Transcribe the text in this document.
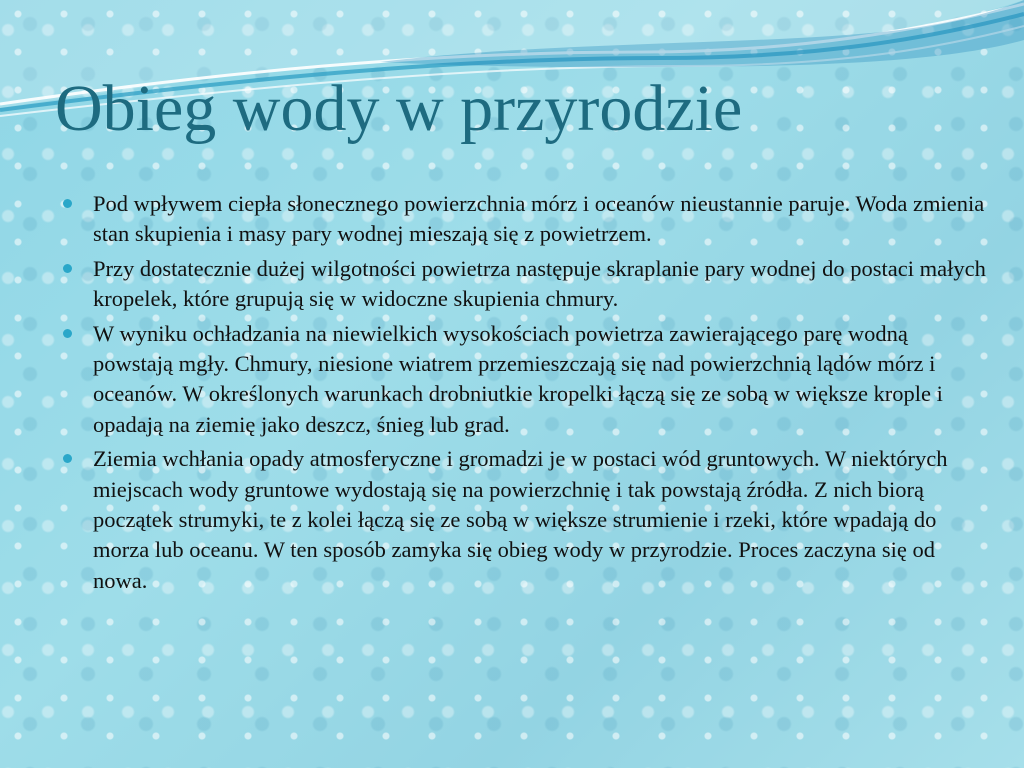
Obieg wody w przyrodzie
Pod wpływem ciepła słonecznego powierzchnia mórz i oceanów nieustannie paruje. Woda zmienia stan skupienia i masy pary wodnej mieszają się z powietrzem.
Przy dostatecznie dużej wilgotności powietrza następuje skraplanie pary wodnej do postaci małych kropelek, które grupują się w widoczne skupienia chmury.
W wyniku ochładzania na niewielkich wysokościach powietrza zawierającego parę wodną powstają mgły. Chmury, niesione wiatrem przemieszczają się nad powierzchnią lądów mórz i oceanów. W określonych warunkach drobniutkie kropelki łączą się ze sobą w większe krople i opadają na ziemię jako deszcz, śnieg lub grad.
Ziemia wchłania opady atmosferyczne i gromadzi je w postaci wód gruntowych. W niektórych miejscach wody gruntowe wydostają się na powierzchnię i tak powstają źródła. Z nich biorą początek strumyki, te z kolei łączą się ze sobą w większe strumienie i rzeki, które wpadają do morza lub oceanu. W ten sposób zamyka się obieg wody w przyrodzie. Proces zaczyna się od nowa.
